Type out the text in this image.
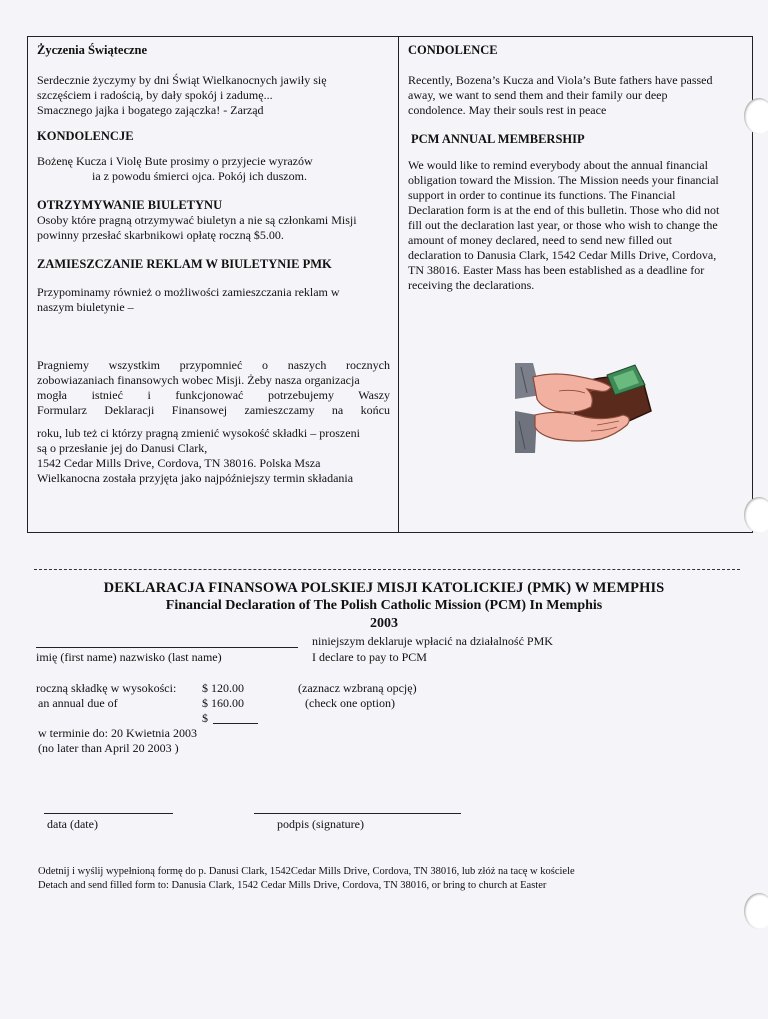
Życzenia Świąteczne

Serdecznie życzymy by dni Świąt Wielkanocnych jawiły się
szczęściem i radością, by dały spokój i zadumę...
Smacznego jajka i bogatego zajączka! - Zarząd

KONDOLENCJE

Bożenę Kucza i Violę Bute prosimy o przyjecie wyrazów
ia z powodu śmierci ojca. Pokój ich duszom.

OTRZYMYWANIE BIULETYNU

Osoby które pragną otrzymywać biuletyn a nie są członkami Misji
powinny przesłać skarbnikowi opłatę roczną $5.00.

ZAMIESZCZANIE REKLAM W BIULETYNIE PMK

Przypominamy również o możliwości zamieszczania reklam w
naszym biuletynie –

Pragniemy wszystkim przypomnieć o naszych rocznych
zobowiazaniach finansowych wobec Misji. Żeby nasza organizacja
mogła istnieć i funkcjonować potrzebujemy Waszy
Formularz Deklaracji Finansowej zamieszczamy na końcu
roku, lub też ci którzy pragną zmienić wysokość składki – proszeni
są o przesłanie jej do Danusi Clark,
1542 Cedar Mills Drive, Cordova, TN 38016. Polska Msza
Wielkanocna została przyjęta jako najpóźniejszy termin składania

CONDOLENCE

Recently, Bozena’s Kucza and Viola’s Bute fathers have passed
away, we want to send them and their family our deep
condolence. May their souls rest in peace

PCM ANNUAL MEMBERSHIP

We would like to remind everybody about the annual financial
obligation toward the Mission. The Mission needs your financial
support in order to continue its functions. The Financial
Declaration form is at the end of this bulletin. Those who did not
fill out the declaration last year, or those who wish to change the
amount of money declared, need to send new filled out
declaration to Danusia Clark, 1542 Cedar Mills Drive, Cordova,
TN 38016. Easter Mass has been established as a deadline for
receiving the declarations.

DEKLARACJA FINANSOWA POLSKIEJ MISJI KATOLICKIEJ (PMK) W MEMPHIS
Financial Declaration of The Polish Catholic Mission (PCM) In Memphis
2003
imię (first name) nazwisko (last name)
niniejszym deklaruje wpłacić na działalność PMK
I declare to pay to PCM
roczną składkę w wysokości:
an annual due of
$ 120.00
$ 160.00
$
(zaznacz wzbraną opcję)
(check one option)
w terminie do: 20 Kwietnia 2003
(no later than April 20 2003 )
data (date)	podpis (signature)
Odetnij i wyślij wypełnioną formę do p. Danusi Clark, 1542Cedar Mills Drive, Cordova, TN 38016, lub złóż na tacę w kościele
Detach and send filled form to: Danusia Clark, 1542 Cedar Mills Drive, Cordova, TN 38016, or bring to church at Easter
